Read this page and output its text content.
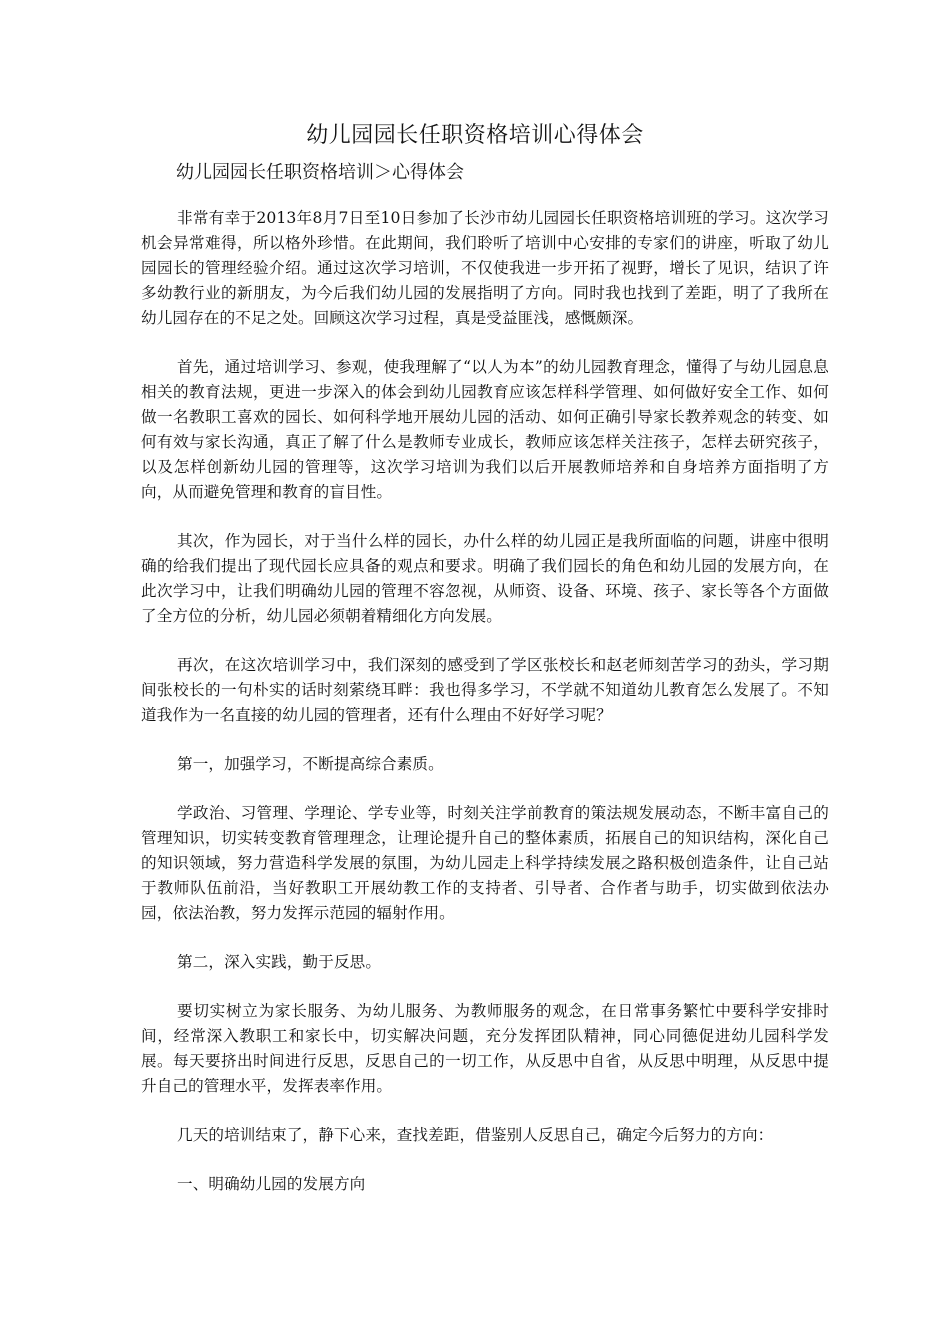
幼儿园园长任职资格培训心得体会
幼儿园园长任职资格培训＞心得体会

非常有幸于2013年8月7日至10日参加了长沙市幼儿园园长任职资格培训班的学习。这次学习机会异常难得，所以格外珍惜。在此期间，我们聆听了培训中心安排的专家们的讲座，听取了幼儿园园长的管理经验介绍。通过这次学习培训，不仅使我进一步开拓了视野，增长了见识，结识了许多幼教行业的新朋友，为今后我们幼儿园的发展指明了方向。同时我也找到了差距，明了了我所在幼儿园存在的不足之处。回顾这次学习过程，真是受益匪浅，感慨颇深。

首先，通过培训学习、参观，使我理解了“以人为本”的幼儿园教育理念，懂得了与幼儿园息息相关的教育法规，更进一步深入的体会到幼儿园教育应该怎样科学管理、如何做好安全工作、如何做一名教职工喜欢的园长、如何科学地开展幼儿园的活动、如何正确引导家长教养观念的转变、如何有效与家长沟通，真正了解了什么是教师专业成长，教师应该怎样关注孩子，怎样去研究孩子，以及怎样创新幼儿园的管理等，这次学习培训为我们以后开展教师培养和自身培养方面指明了方向，从而避免管理和教育的盲目性。

其次，作为园长，对于当什么样的园长，办什么样的幼儿园正是我所面临的问题，讲座中很明确的给我们提出了现代园长应具备的观点和要求。明确了我们园长的角色和幼儿园的发展方向，在此次学习中，让我们明确幼儿园的管理不容忽视，从师资、设备、环境、孩子、家长等各个方面做了全方位的分析，幼儿园必须朝着精细化方向发展。

再次，在这次培训学习中，我们深刻的感受到了学区张校长和赵老师刻苦学习的劲头，学习期间张校长的一句朴实的话时刻萦绕耳畔：我也得多学习，不学就不知道幼儿教育怎么发展了。不知道我作为一名直接的幼儿园的管理者，还有什么理由不好好学习呢？

第一，加强学习，不断提高综合素质。

学政治、习管理、学理论、学专业等，时刻关注学前教育的策法规发展动态，不断丰富自己的管理知识，切实转变教育管理理念，让理论提升自己的整体素质，拓展自己的知识结构，深化自己的知识领域，努力营造科学发展的氛围，为幼儿园走上科学持续发展之路积极创造条件，让自己站于教师队伍前沿，当好教职工开展幼教工作的支持者、引导者、合作者与助手，切实做到依法办园，依法治教，努力发挥示范园的辐射作用。

第二，深入实践，勤于反思。

要切实树立为家长服务、为幼儿服务、为教师服务的观念，在日常事务繁忙中要科学安排时间，经常深入教职工和家长中，切实解决问题，充分发挥团队精神，同心同德促进幼儿园科学发展。每天要挤出时间进行反思，反思自己的一切工作，从反思中自省，从反思中明理，从反思中提升自己的管理水平，发挥表率作用。

几天的培训结束了，静下心来，查找差距，借鉴别人反思自己，确定今后努力的方向：

一、明确幼儿园的发展方向
